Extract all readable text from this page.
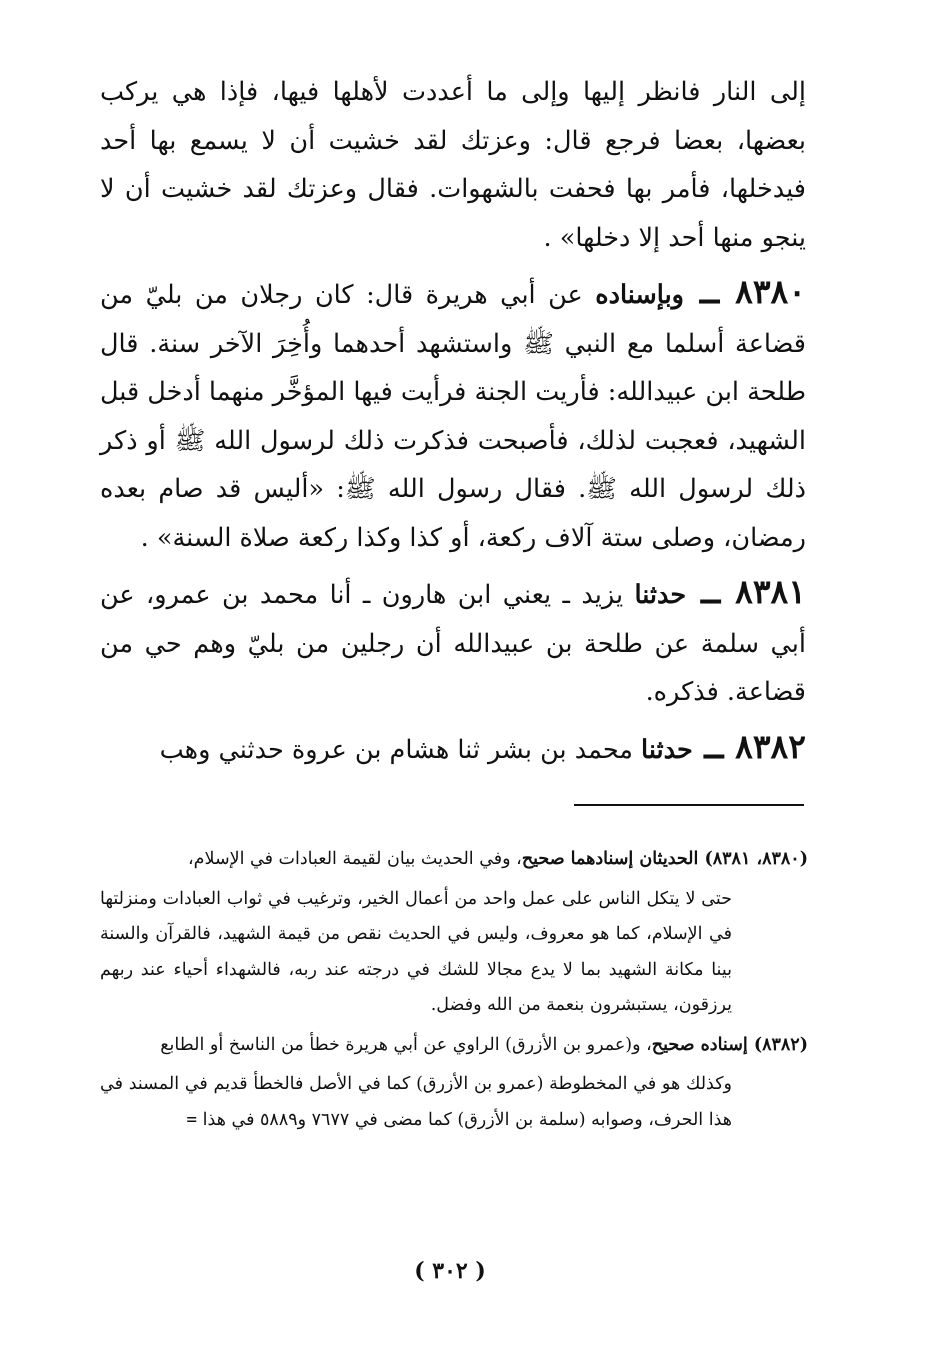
إلى النار فانظر إليها وإلى ما أعددت لأهلها فيها، فإذا هي يركب بعضها، بعضا فرجع قال: وعزتك لقد خشيت أن لا يسمع بها أحد فيدخلها، فأمر بها فحفت بالشهوات. فقال وعزتك لقد خشيت أن لا ينجو منها أحد إلا دخلها» .

٨٣٨٠ ــ وبإسناده عن أبي هريرة قال: كان رجلان من بليّ من قضاعة أسلما مع النبي ﷺ واستشهد أحدهما وأُخِرَ الآخر سنة. قال طلحة ابن عبيدالله: فأريت الجنة فرأيت فيها المؤخَّر منهما أدخل قبل الشهيد، فعجبت لذلك، فأصبحت فذكرت ذلك لرسول الله ﷺ أو ذكر ذلك لرسول الله ﷺ. فقال رسول الله ﷺ: «أليس قد صام بعده رمضان، وصلى ستة آلاف ركعة، أو كذا وكذا ركعة صلاة السنة» .

٨٣٨١ ــ حدثنا يزيد ـ يعني ابن هارون ـ أنا محمد بن عمرو، عن أبي سلمة عن طلحة بن عبيدالله أن رجلين من بليّ وهم حي من قضاعة. فذكره.

٨٣٨٢ ــ حدثنا محمد بن بشر ثنا هشام بن عروة حدثني وهب

(٨٣٨٠، ٨٣٨١) الحديثان إسنادهما صحيح، وفي الحديث بيان لقيمة العبادات في الإسلام،

حتى لا يتكل الناس على عمل واحد من أعمال الخير، وترغيب في ثواب العبادات ومنزلتها في الإسلام، كما هو معروف، وليس في الحديث نقص من قيمة الشهيد، فالقرآن والسنة بينا مكانة الشهيد بما لا يدع مجالا للشك في درجته عند ربه، فالشهداء أحياء عند ربهم يرزقون، يستبشرون بنعمة من الله وفضل.

(٨٣٨٢) إسناده صحيح، و(عمرو بن الأزرق) الراوي عن أبي هريرة خطأ من الناسخ أو الطابع

وكذلك هو في المخطوطة (عمرو بن الأزرق) كما في الأصل فالخطأ قديم في المسند في هذا الحرف، وصوابه (سلمة بن الأزرق) كما مضى في ٧٦٧٧ و٥٨٨٩ في هذا =

( ٣٠٢ )
